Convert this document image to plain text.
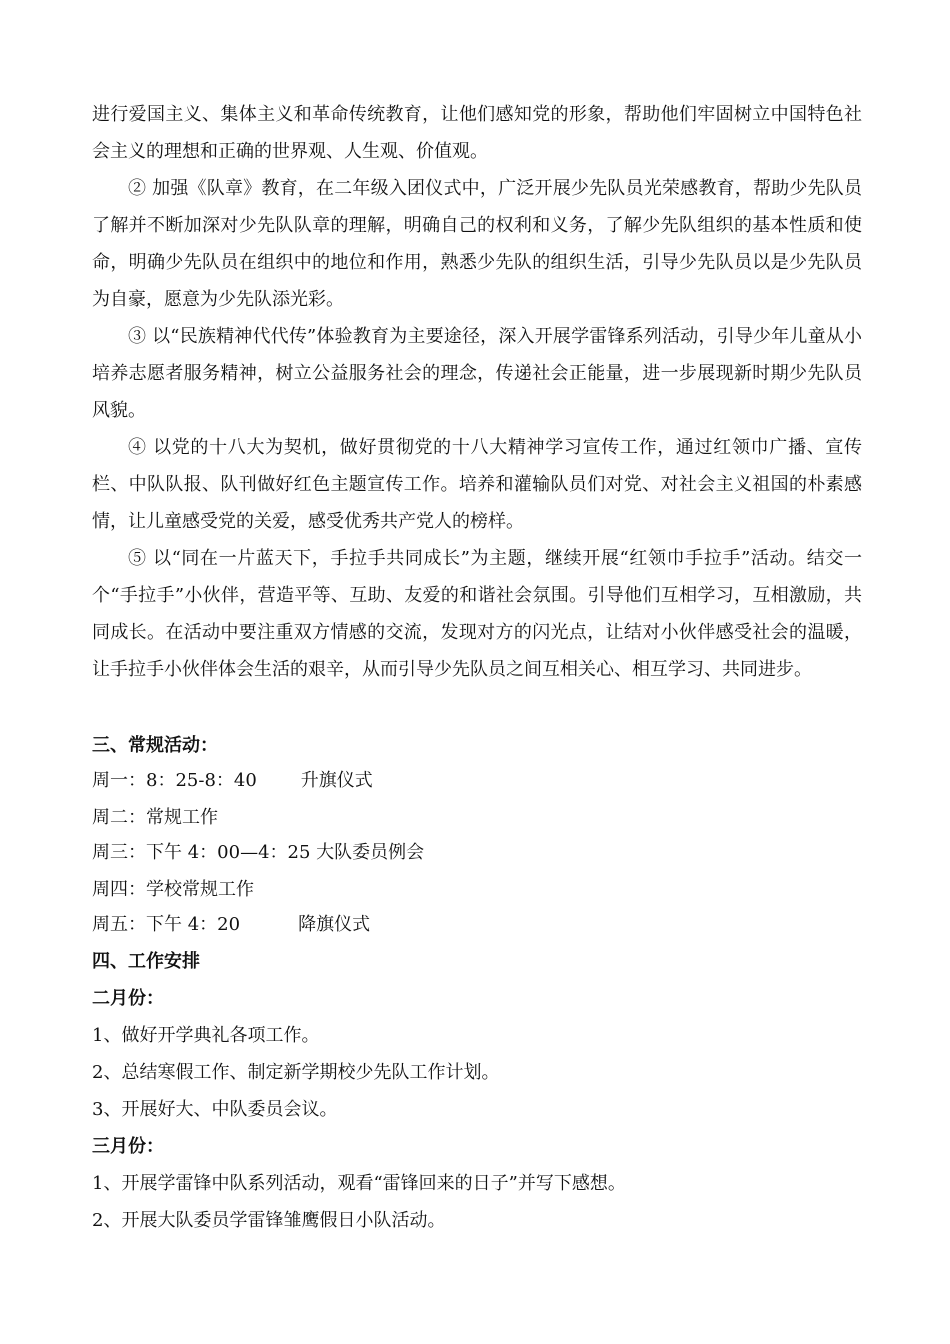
进行爱国主义、集体主义和革命传统教育，让他们感知党的形象，帮助他们牢固树立中国特色社会主义的理想和正确的世界观、人生观、价值观。

② 加强《队章》教育，在二年级入团仪式中，广泛开展少先队员光荣感教育，帮助少先队员了解并不断加深对少先队队章的理解，明确自己的权利和义务，了解少先队组织的基本性质和使命，明确少先队员在组织中的地位和作用，熟悉少先队的组织生活，引导少先队员以是少先队员为自豪，愿意为少先队添光彩。

③ 以“民族精神代代传”体验教育为主要途径，深入开展学雷锋系列活动，引导少年儿童从小培养志愿者服务精神，树立公益服务社会的理念，传递社会正能量，进一步展现新时期少先队员风貌。

④ 以党的十八大为契机，做好贯彻党的十八大精神学习宣传工作，通过红领巾广播、宣传栏、中队队报、队刊做好红色主题宣传工作。培养和灌输队员们对党、对社会主义祖国的朴素感情，让儿童感受党的关爱，感受优秀共产党人的榜样。

⑤ 以“同在一片蓝天下，手拉手共同成长”为主题，继续开展“红领巾手拉手”活动。结交一个“手拉手”小伙伴，营造平等、互助、友爱的和谐社会氛围。引导他们互相学习，互相激励，共同成长。在活动中要注重双方情感的交流，发现对方的闪光点，让结对小伙伴感受社会的温暖，让手拉手小伙伴体会生活的艰辛，从而引导少先队员之间互相关心、相互学习、共同进步。

三、常规活动：
周一：8：25-8：40 升旗仪式
周二：常规工作
周三：下午 4：00—4：25 大队委员例会
周四：学校常规工作
周五：下午 4：20	降旗仪式
四、工作安排
二月份：
1、做好开学典礼各项工作。
2、总结寒假工作、制定新学期校少先队工作计划。
3、开展好大、中队委员会议。
三月份：
1、开展学雷锋中队系列活动，观看“雷锋回来的日子”并写下感想。
2、开展大队委员学雷锋雏鹰假日小队活动。
